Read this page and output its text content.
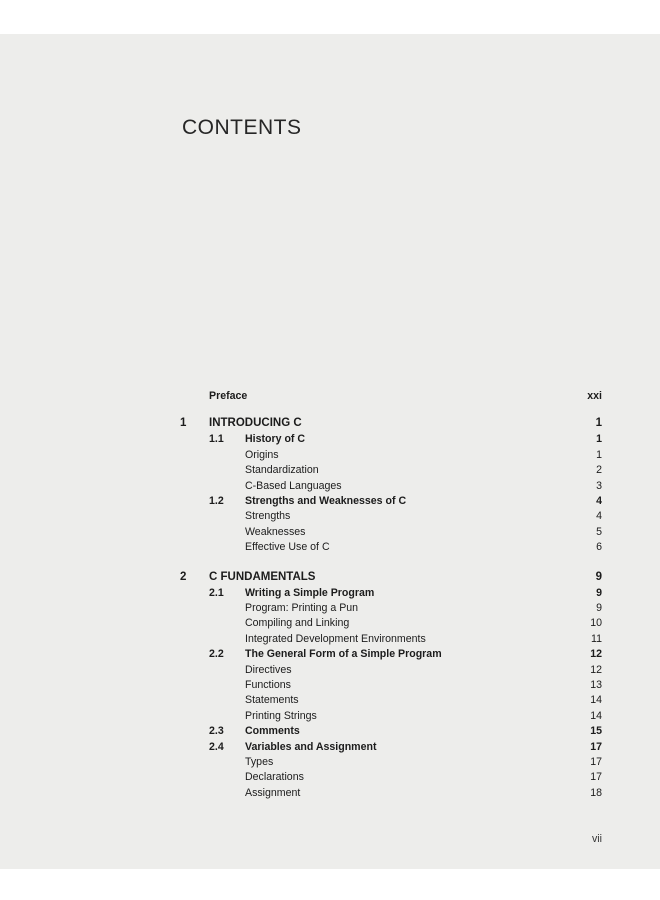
CONTENTS
Preface	xxi
1 INTRODUCING C	1
1.1 History of C	1
Origins	1
Standardization	2
C-Based Languages	3
1.2 Strengths and Weaknesses of C	4
Strengths	4
Weaknesses	5
Effective Use of C	6
2 C FUNDAMENTALS	9
2.1 Writing a Simple Program	9
Program: Printing a Pun	9
Compiling and Linking	10
Integrated Development Environments	11
2.2 The General Form of a Simple Program	12
Directives	12
Functions	13
Statements	14
Printing Strings	14
2.3 Comments	15
2.4 Variables and Assignment	17
Types	17
Declarations	17
Assignment	18
vii
